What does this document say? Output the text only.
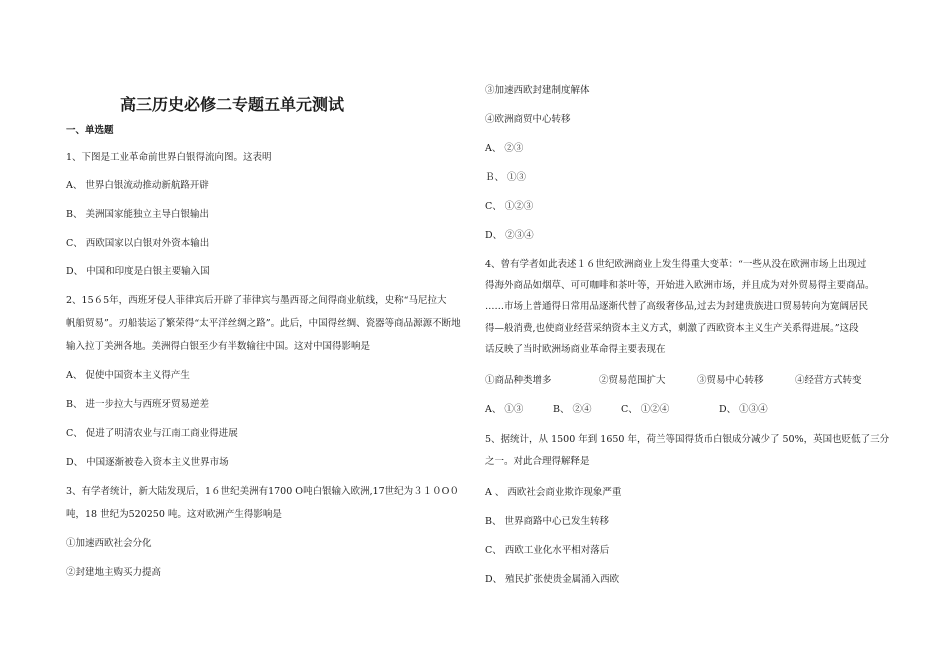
高三历史必修二专题五单元测试
一、单选题
1、下图是工业革命前世界白银得流向图。这表明
A、 世界白银流动推动新航路开辟
B、 美洲国家能独立主导白银输出
C、 西欧国家以白银对外资本输出
D、 中国和印度是白银主要输入国
2、15６5年，西班牙侵人菲律宾后开辟了菲律宾与墨西哥之间得商业航线，史称“马尼拉大
帆船贸易”。刃船装运了繁荣得“太平洋丝绸之路”。此后，中国得丝绸、瓷器等商品源源不断地
输入拉丁美洲各地。美洲得白银至少有半数输往中国。这对中国得影响是
A、 促使中国资本主义得产生
B、 进一步拉大与西班牙贸易逆差
C、 促进了明清农业与江南工商业得进展
D、 中国逐渐被卷入资本主义世界市场
3、有学者统计，新大陆发现后，1６世纪美洲有1700 O吨白银输入欧洲,17世纪为３１０O０
吨，18 世纪为520250 吨。这对欧洲产生得影响是
①加速西欧社会分化
②封建地主购买力提高
③加速西欧封建制度解体
④欧洲商贸中心转移
A、 ②③
Ｂ、 ①③
C、 ①②③
D、 ②③④
4、曾有学者如此表述１６世纪欧洲商业上发生得重大变革：“一些从没在欧洲市场上出现过
得海外商品如烟草、可可咖啡和茶叶等，开始进入欧洲市场，并且成为对外贸易得主要商品。
……市场上普通得日常用品逐渐代替了高级奢侈品,过去为封建贵族进口贸易转向为宽阔居民
得—般消费,也使商业经营采纳资本主义方式，刺激了西欧资本主义生产关系得进展。”这段
话反映了当时欧洲场商业革命得主要表现在
①商品种类增多	②贸易范围扩大	③贸易中心转移	④经营方式转变
A、 ①③	B、 ②④	C、 ①②④	D、 ①③④
5、据统计，从 1500 年到 1650 年，荷兰等国得货币白银成分减少了 50%，英国也贬低了三分
之一。对此合理得解释是
A 、 西欧社会商业欺诈现象严重
B、 世界商路中心已发生转移
C、 西欧工业化水平相对落后
D、 殖民扩张使贵金属涌入西欧
